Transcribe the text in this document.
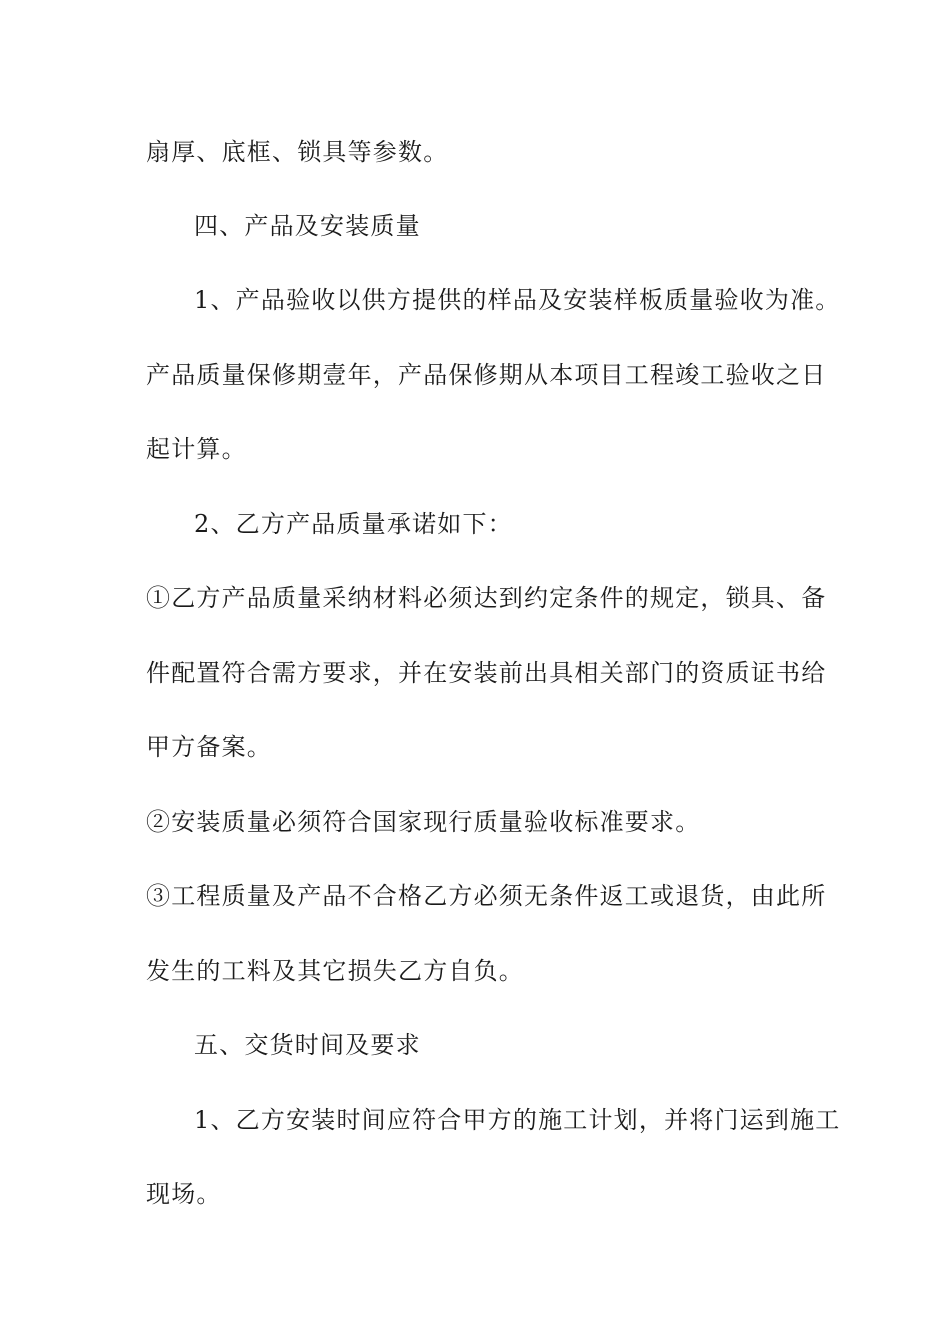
扇厚、底框、锁具等参数。
四、产品及安装质量
1、产品验收以供方提供的样品及安装样板质量验收为准。
产品质量保修期壹年，产品保修期从本项目工程竣工验收之日
起计算。
2、乙方产品质量承诺如下：
①乙方产品质量采纳材料必须达到约定条件的规定，锁具、备
件配置符合需方要求，并在安装前出具相关部门的资质证书给
甲方备案。
②安装质量必须符合国家现行质量验收标准要求。
③工程质量及产品不合格乙方必须无条件返工或退货，由此所
发生的工料及其它损失乙方自负。
五、交货时间及要求
1、乙方安装时间应符合甲方的施工计划，并将门运到施工
现场。
